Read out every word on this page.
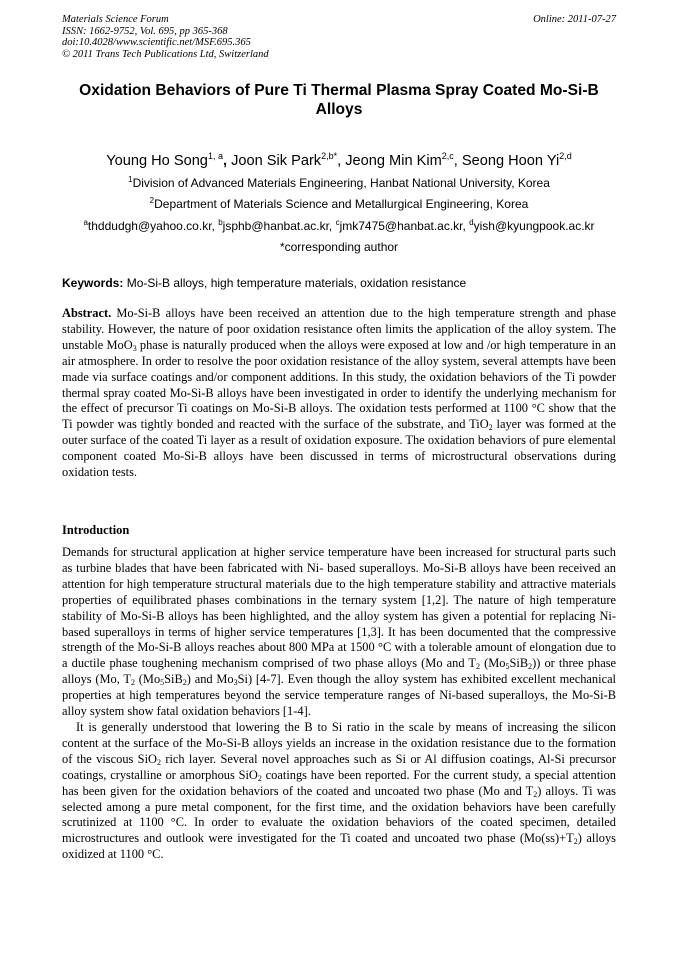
Materials Science Forum
ISSN: 1662-9752, Vol. 695, pp 365-368
doi:10.4028/www.scientific.net/MSF.695.365
© 2011 Trans Tech Publications Ltd, Switzerland
Online: 2011-07-27
Oxidation Behaviors of Pure Ti Thermal Plasma Spray Coated Mo-Si-B Alloys
Young Ho Song$^{1, a}$, Joon Sik Park$^{2,b*}$, Jeong Min Kim$^{2,c}$, Seong Hoon Yi$^{2,d}$
$^1$Division of Advanced Materials Engineering, Hanbat National University, Korea
$^2$Department of Materials Science and Metallurgical Engineering, Korea
$^a$thddudgh@yahoo.co.kr, $^b$jsphb@hanbat.ac.kr, $^c$jmk7475@hanbat.ac.kr, $^d$yish@kyungpook.ac.kr
*corresponding author
Keywords: Mo-Si-B alloys, high temperature materials, oxidation resistance
Abstract. Mo-Si-B alloys have been received an attention due to the high temperature strength and phase stability. However, the nature of poor oxidation resistance often limits the application of the alloy system. The unstable MoO$_3$ phase is naturally produced when the alloys were exposed at low and /or high temperature in an air atmosphere. In order to resolve the poor oxidation resistance of the alloy system, several attempts have been made via surface coatings and/or component additions. In this study, the oxidation behaviors of the Ti powder thermal spray coated Mo-Si-B alloys have been investigated in order to identify the underlying mechanism for the effect of precursor Ti coatings on Mo-Si-B alloys. The oxidation tests performed at 1100 °C show that the Ti powder was tightly bonded and reacted with the surface of the substrate, and TiO$_2$ layer was formed at the outer surface of the coated Ti layer as a result of oxidation exposure. The oxidation behaviors of pure elemental component coated Mo-Si-B alloys have been discussed in terms of microstructural observations during oxidation tests.
Introduction

Demands for structural application at higher service temperature have been increased for structural parts such as turbine blades that have been fabricated with Ni- based superalloys. Mo-Si-B alloys have been received an attention for high temperature structural materials due to the high temperature stability and attractive materials properties of equilibrated phases combinations in the ternary system [1,2]. The nature of high temperature stability of Mo-Si-B alloys has been highlighted, and the alloy system has given a potential for replacing Ni-based superalloys in terms of higher service temperatures [1,3]. It has been documented that the compressive strength of the Mo-Si-B alloys reaches about 800 MPa at 1500 °C with a tolerable amount of elongation due to a ductile phase toughening mechanism comprised of two phase alloys (Mo and $T_2$ $(Mo_5SiB_2)$) or three phase alloys (Mo, $T_2$ $(Mo_5SiB_2)$ and $Mo_3Si$) [4-7]. Even though the alloy system has exhibited excellent mechanical properties at high temperatures beyond the service temperature ranges of Ni-based superalloys, the Mo-Si-B alloy system show fatal oxidation behaviors [1-4].

It is generally understood that lowering the B to Si ratio in the scale by means of increasing the silicon content at the surface of the Mo-Si-B alloys yields an increase in the oxidation resistance due to the formation of the viscous SiO$_2$ rich layer. Several novel approaches such as Si or Al diffusion coatings, Al-Si precursor coatings, crystalline or amorphous SiO$_2$ coatings have been reported. For the current study, a special attention has been given for the oxidation behaviors of the coated and uncoated two phase (Mo and $T_2$) alloys. Ti was selected among a pure metal component, for the first time, and the oxidation behaviors have been carefully scrutinized at 1100 °C. In order to evaluate the oxidation behaviors of the coated specimen, detailed microstructures and outlook were investigated for the Ti coated and uncoated two phase $(Mo(ss)+T_2)$ alloys oxidized at 1100 °C.
